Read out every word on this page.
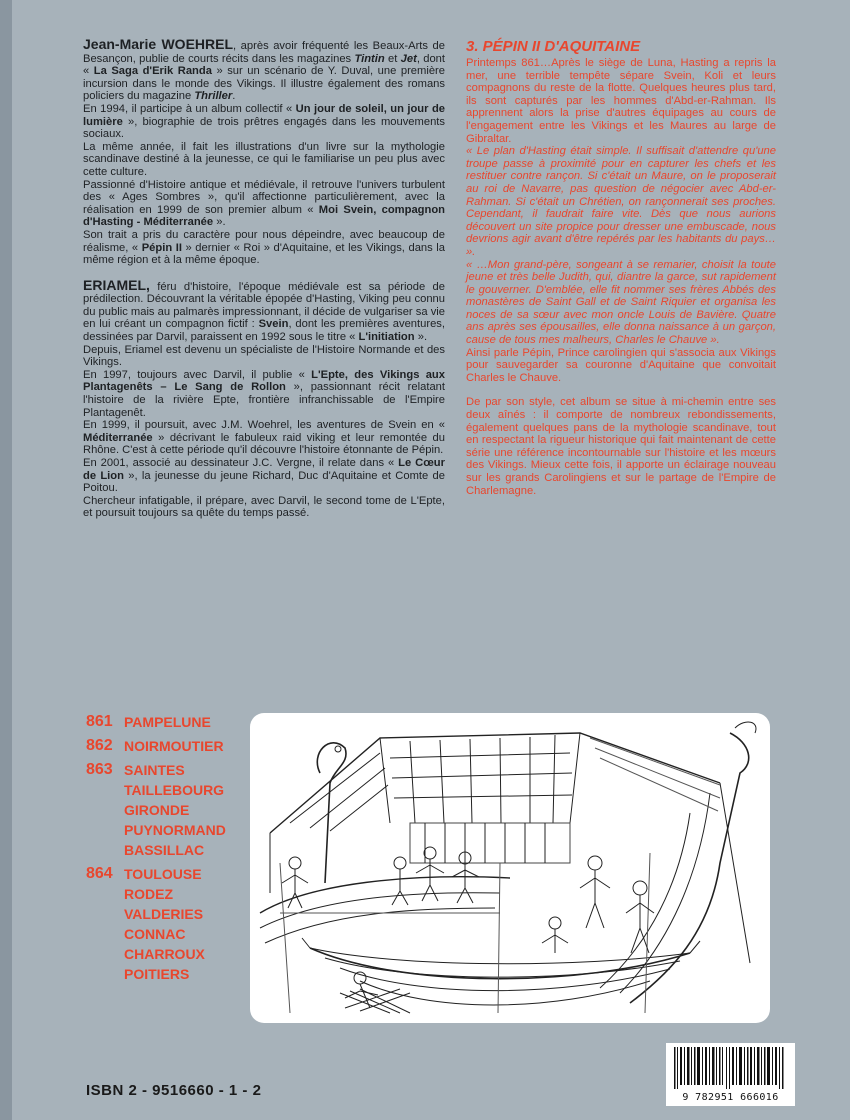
Jean-Marie WOEHREL, après avoir fréquenté les Beaux-Arts de Besançon, publie de courts récits dans les magazines Tintin et Jet, dont « La Saga d'Erik Randa » sur un scénario de Y. Duval, une première incursion dans le monde des Vikings. Il illustre également des romans policiers du magazine Thriller.

En 1994, il participe à un album collectif « Un jour de soleil, un jour de lumière », biographie de trois prêtres engagés dans les mouvements sociaux.

La même année, il fait les illustrations d'un livre sur la mythologie scandinave destiné à la jeunesse, ce qui le familiarise un peu plus avec cette culture.

Passionné d'Histoire antique et médiévale, il retrouve l'univers turbulent des « Ages Sombres », qu'il affectionne particulièrement, avec la réalisation en 1999 de son premier album « Moi Svein, compagnon d'Hasting - Méditerranée ».

Son trait a pris du caractère pour nous dépeindre, avec beaucoup de réalisme, « Pépin II » dernier « Roi » d'Aquitaine, et les Vikings, dans la même région et à la même époque.

ERIAMEL, féru d'histoire, l'époque médiévale est sa période de prédilection. Découvrant la véritable épopée d'Hasting, Viking peu connu du public mais au palmarès impressionnant, il décide de vulgariser sa vie en lui créant un compagnon fictif : Svein, dont les premières aventures, dessinées par Darvil, paraissent en 1992 sous le titre « L'initiation ».

Depuis, Eriamel est devenu un spécialiste de l'Histoire Normande et des Vikings.

En 1997, toujours avec Darvil, il publie « L'Epte, des Vikings aux Plantagenêts – Le Sang de Rollon », passionnant récit relatant l'histoire de la rivière Epte, frontière infranchissable de l'Empire Plantagenêt.

En 1999, il poursuit, avec J.M. Woehrel, les aventures de Svein en « Méditerranée » décrivant le fabuleux raid viking et leur remontée du Rhône. C'est à cette période qu'il découvre l'histoire étonnante de Pépin.

En 2001, associé au dessinateur J.C. Vergne, il relate dans « Le Cœur de Lion », la jeunesse du jeune Richard, Duc d'Aquitaine et Comte de Poitou.

Chercheur infatigable, il prépare, avec Darvil, le second tome de L'Epte, et poursuit toujours sa quête du temps passé.

3. PÉPIN II D'AQUITAINE

Printemps 861…Après le siège de Luna, Hasting a repris la mer, une terrible tempête sépare Svein, Koli et leurs compagnons du reste de la flotte. Quelques heures plus tard, ils sont capturés par les hommes d'Abd-er-Rahman. Ils apprennent alors la prise d'autres équipages au cours de l'engagement entre les Vikings et les Maures au large de Gibraltar.

« Le plan d'Hasting était simple. Il suffisait d'attendre qu'une troupe passe à proximité pour en capturer les chefs et les restituer contre rançon. Si c'était un Maure, on le proposerait au roi de Navarre, pas question de négocier avec Abd-er-Rahman. Si c'était un Chrétien, on rançonnerait ses proches. Cependant, il faudrait faire vite. Dès que nous aurions découvert un site propice pour dresser une embuscade, nous devrions agir avant d'être repérés par les habitants du pays… ».

« …Mon grand-père, songeant à se remarier, choisit la toute jeune et très belle Judith, qui, diantre la garce, sut rapidement le gouverner. D'emblée, elle fit nommer ses frères Abbés des monastères de Saint Gall et de Saint Riquier et organisa les noces de sa sœur avec mon oncle Louis de Bavière. Quatre ans après ses épousailles, elle donna naissance à un garçon, cause de tous mes malheurs, Charles le Chauve ».

Ainsi parle Pépin, Prince carolingien qui s'associa aux Vikings pour sauvegarder sa couronne d'Aquitaine que convoitait Charles le Chauve.

De par son style, cet album se situe à mi-chemin entre ses deux aînés : il comporte de nombreux rebondissements, également quelques pans de la mythologie scandinave, tout en respectant la rigueur historique qui fait maintenant de cette série une référence incontournable sur l'histoire et les mœurs des Vikings. Mieux cette fois, il apporte un éclairage nouveau sur les grands Carolingiens et sur le partage de l'Empire de Charlemagne.

861 PAMPELUNE
862 NOIRMOUTIER
863 SAINTES
TAILLEBOURG
GIRONDE
PUYNORMAND
BASSILLAC
864 TOULOUSE
RODEZ
VALDERIES
CONNAC
CHARROUX
POITIERS
ISBN 2 - 9516660 - 1 - 2	9 782951 666016
